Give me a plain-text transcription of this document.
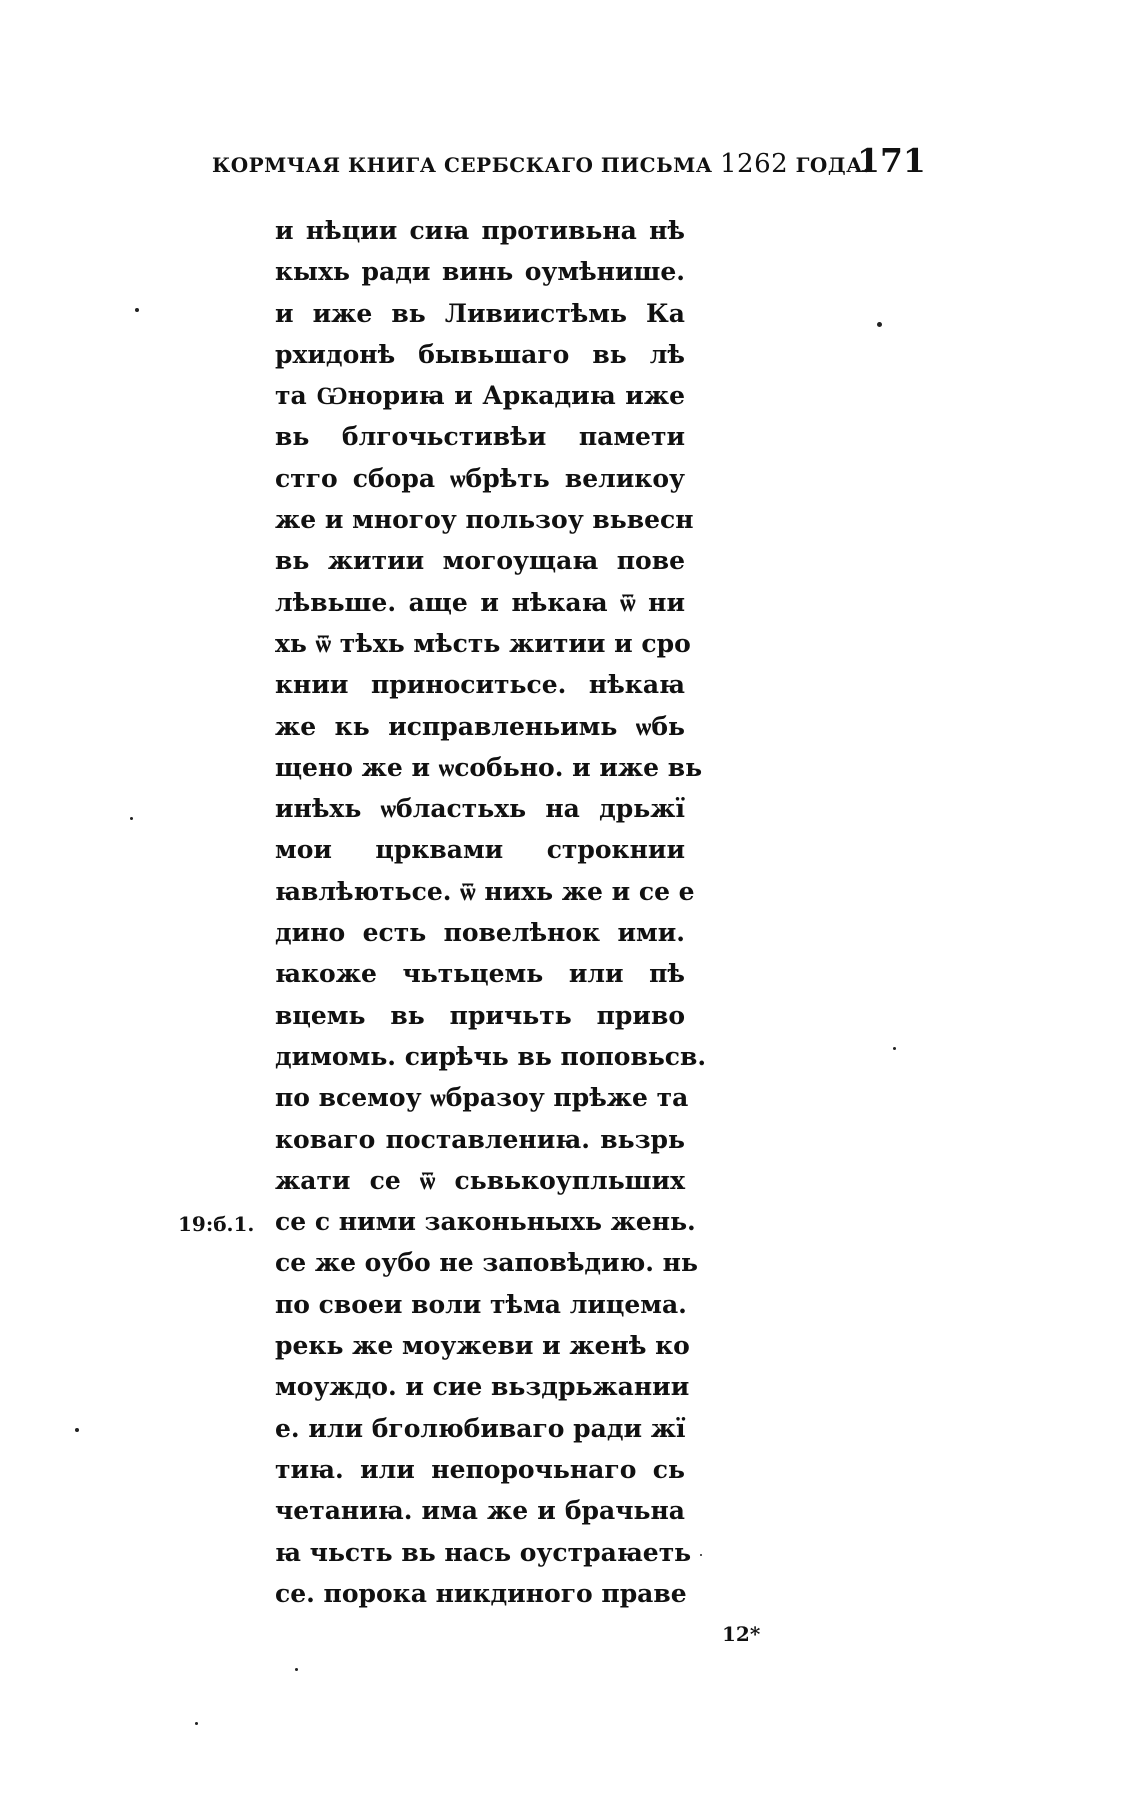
КОРМЧАЯ КНИГА СЕРБСКАГО ПИСЬМА 1262 ГОДА.
171
и нѣции сиꙗ противьна нѣ
кыхь ради винь оумѣнише.
и иже вь Ливиистѣмь Ка
рхидонѣ бывьшаго вь лѣ
та Ѡнориꙗ и Аркадиꙗ иже
вь блгочьстивѣи памети
стго сбора ѡбрѣть великоу
же и многоу пользоу вьвесн
вь житии могоущаꙗ пове
лѣвьше. аще и нѣкаꙗ ѿ ни
хь ѿ тѣхь мѣсть житии и сро
книи приноситьсе. нѣкаꙗ
же кь исправленьимь ѡбь
щено же и ѡсобьно. и иже вь
инѣхь ѡбластьхь на дрьжї
мои црквами строкнии
ꙗвлѣютьсе. ѿ нихь же и се е
дино есть повелѣнок ими.
ꙗкоже чьтьцемь или пѣ
вцемь вь причьть приво
димомь. сирѣчь вь поповьсв.
по всемоу ѡбразоу прѣже та
коваго поставлениꙗ. вьзрь
жати се ѿ сьвькоупльших
се с ними законьныхь жень.
се же оубо не заповѣдию. нь
по своеи воли тѣма лицема.
рекь же моужеви и женѣ ко
моуждо. и сие вьздрьжании
е. или бголюбиваго ради жї
тиꙗ. или непорочьнаго сь
четаниꙗ. има же и брачьна
ꙗ чьсть вь нась оустраꙗеть
се. порока никдиного праве
19:б.1.
12*
